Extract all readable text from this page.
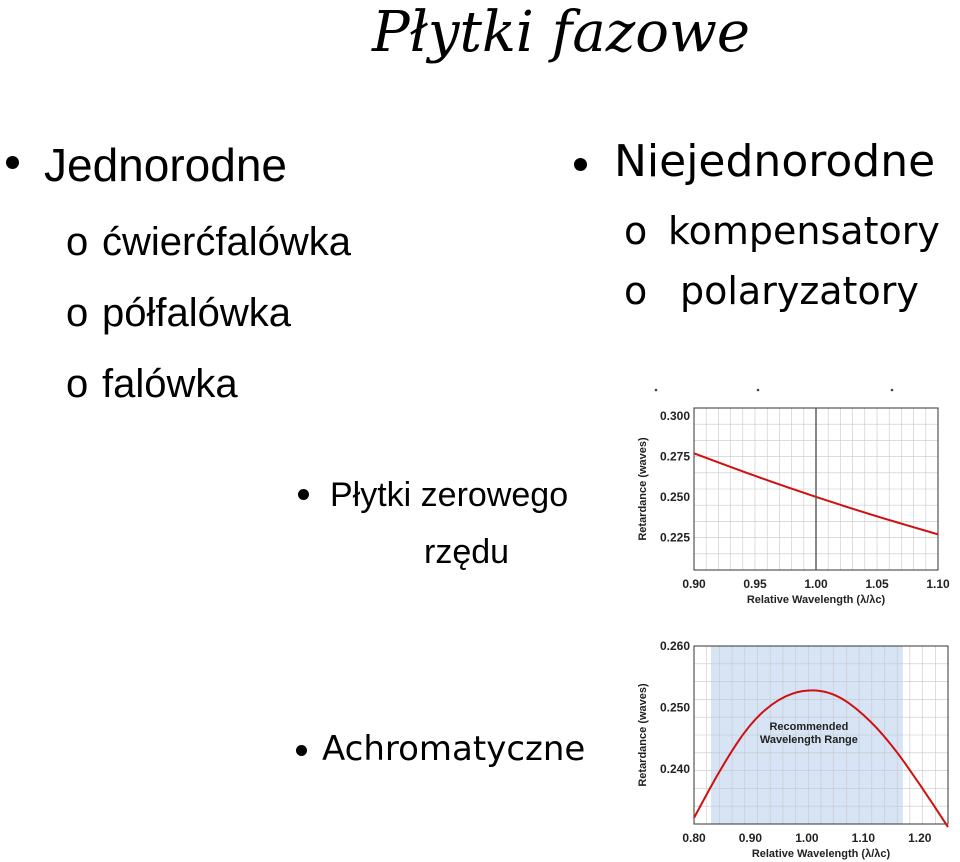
Płytki fazowe
Jednorodne
o ćwierćfalówka
o półfalówka
o falówka
Niejednorodne
o kompensatory
o polaryzatory
Płytki zerowego
rzędu
Achromatyczne
0.90	0.95	1.00	1.05	1.10
0.300
0.275
0.250
0.225
Relative Wavelength (λ/λc)
Retardance (waves)
0.80	0.90	1.00	1.10	1.20
0.260
0.250
0.240
Relative Wavelength (λ/λc)
Retardance (waves)	Recommended
Wavelength Range
